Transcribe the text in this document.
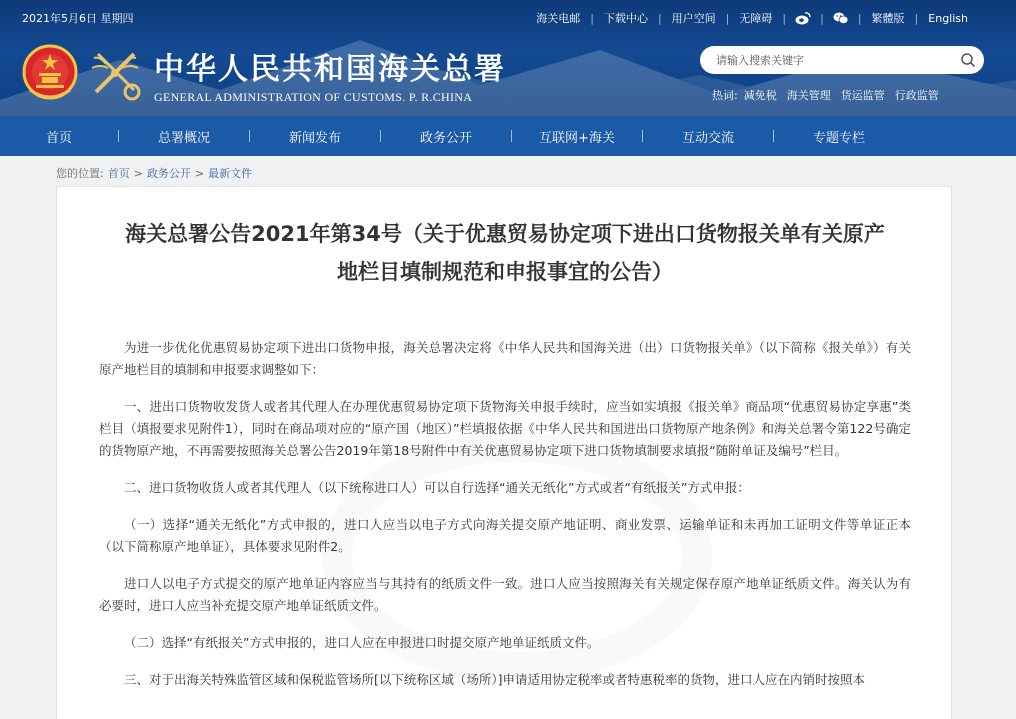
2021年5月6日 星期四	海关电邮 | 下载中心 | 用户空间 | 无障碍 |	|	| 繁體版 | English
中华人民共和国海关总署
GENERAL ADMINISTRATION OF CUSTOMS. P. R.CHINA
请输入搜索关键字	热词: 减免税 海关管理 货运监管 行政监管
首页	总署概况	新闻发布	政务公开	互联网+海关	互动交流	专题专栏
您的位置: 首页 > 政务公开 > 最新文件
海关总署公告2021年第34号（关于优惠贸易协定项下进出口货物报关单有关原产
地栏目填制规范和申报事宜的公告）

为进一步优化优惠贸易协定项下进出口货物申报，海关总署决定将《中华人民共和国海关进（出）口货物报关单》（以下简称《报关单》）有关原产地栏目的填制和申报要求调整如下：

一、进出口货物收发货人或者其代理人在办理优惠贸易协定项下货物海关申报手续时，应当如实填报《报关单》商品项“优惠贸易协定享惠”类栏目（填报要求见附件1），同时在商品项对应的“原产国（地区）”栏填报依据《中华人民共和国进出口货物原产地条例》和海关总署令第122号确定的货物原产地，不再需要按照海关总署公告2019年第18号附件中有关优惠贸易协定项下进口货物填制要求填报“随附单证及编号”栏目。

二、进口货物收货人或者其代理人（以下统称进口人）可以自行选择“通关无纸化”方式或者“有纸报关”方式申报：

（一）选择“通关无纸化”方式申报的，进口人应当以电子方式向海关提交原产地证明、商业发票、运输单证和未再加工证明文件等单证正本（以下简称原产地单证），具体要求见附件2。

进口人以电子方式提交的原产地单证内容应当与其持有的纸质文件一致。进口人应当按照海关有关规定保存原产地单证纸质文件。海关认为有必要时，进口人应当补充提交原产地单证纸质文件。

（二）选择“有纸报关”方式申报的，进口人应在申报进口时提交原产地单证纸质文件。

三、对于出海关特殊监管区域和保税监管场所[以下统称区域（场所）]申请适用协定税率或者特惠税率的货物，进口人应在内销时按照本
